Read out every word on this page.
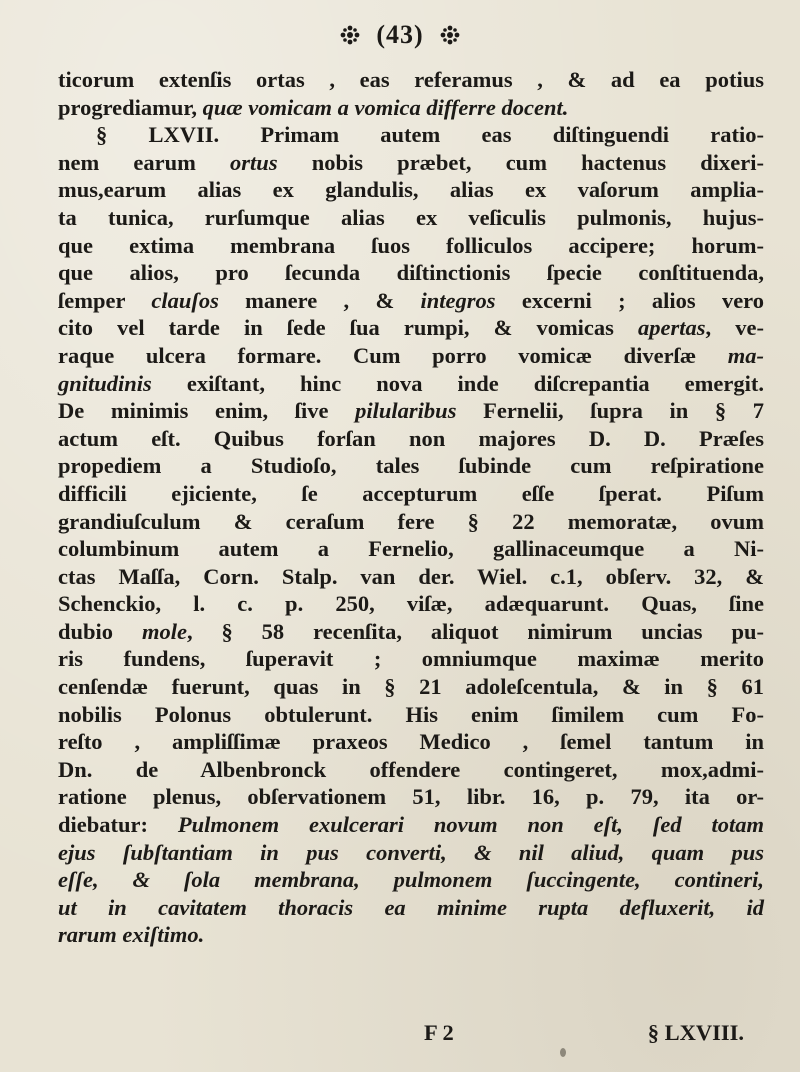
(43)
ticorum extenſis ortas , eas referamus , & ad ea potius
progrediamur, quæ vomicam a vomica differre docent.
§ LXVII. Primam autem eas diſtinguendi ratio-
nem earum ortus nobis præbet, cum hactenus dixeri-
mus,earum alias ex glandulis, alias ex vaſorum amplia-
ta tunica, rurſumque alias ex veſiculis pulmonis, hujus-
que extima membrana ſuos folliculos accipere; horum-
que alios, pro ſecunda diſtinctionis ſpecie conſtituenda,
ſemper clauſos manere , & integros excerni ; alios vero
cito vel tarde in ſede ſua rumpi, & vomicas apertas, ve-
raque ulcera formare. Cum porro vomicæ diverſæ ma-
gnitudinis exiſtant, hinc nova inde diſcrepantia emergit.
De minimis enim, ſive pilularibus Fernelii, ſupra in § 7
actum eſt. Quibus forſan non majores D. D. Præſes
propediem a Studioſo, tales ſubinde cum reſpiratione
difficili ejiciente, ſe accepturum eſſe ſperat. Piſum
grandiuſculum & ceraſum fere § 22 memoratæ, ovum
columbinum autem a Fernelio, gallinaceumque a Ni-
ctas Maſſa, Corn. Stalp. van der. Wiel. c.1, obſerv. 32, &
Schenckio, l. c. p. 250, viſæ, adæquarunt. Quas, ſine
dubio mole, § 58 recenſita, aliquot nimirum uncias pu-
ris fundens, ſuperavit ; omniumque maximæ merito
cenſendæ fuerunt, quas in § 21 adoleſcentula, & in § 61
nobilis Polonus obtulerunt. His enim ſimilem cum Fo-
reſto , ampliſſimæ praxeos Medico , ſemel tantum in
Dn. de Albenbronck offendere contingeret, mox,admi-
ratione plenus, obſervationem 51, libr. 16, p. 79, ita or-
diebatur: Pulmonem exulcerari novum non eſt, ſed totam
ejus ſubſtantiam in pus converti, & nil aliud, quam pus
eſſe, & ſola membrana, pulmonem ſuccingente, contineri,
ut in cavitatem thoracis ea minime rupta defluxerit, id
rarum exiſtimo.
F 2	§ LXVIII.
